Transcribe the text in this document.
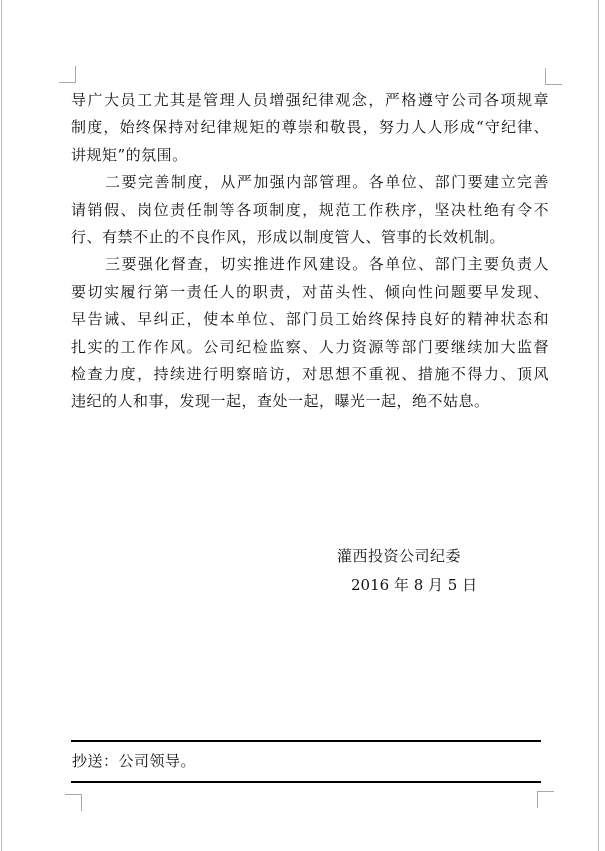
导广大员工尤其是管理人员增强纪律观念，严格遵守公司各项规章
制度，始终保持对纪律规矩的尊崇和敬畏，努力人人形成“守纪律、
讲规矩”的氛围。
二要完善制度，从严加强内部管理。各单位、部门要建立完善
请销假、岗位责任制等各项制度，规范工作秩序，坚决杜绝有令不
行、有禁不止的不良作风，形成以制度管人、管事的长效机制。
三要强化督查，切实推进作风建设。各单位、部门主要负责人
要切实履行第一责任人的职责，对苗头性、倾向性问题要早发现、
早告诫、早纠正，使本单位、部门员工始终保持良好的精神状态和
扎实的工作作风。公司纪检监察、人力资源等部门要继续加大监督
检查力度，持续进行明察暗访，对思想不重视、措施不得力、顶风
违纪的人和事，发现一起，查处一起，曝光一起，绝不姑息。
灌西投资公司纪委
2016 年 8 月 5 日
抄送：公司领导。
